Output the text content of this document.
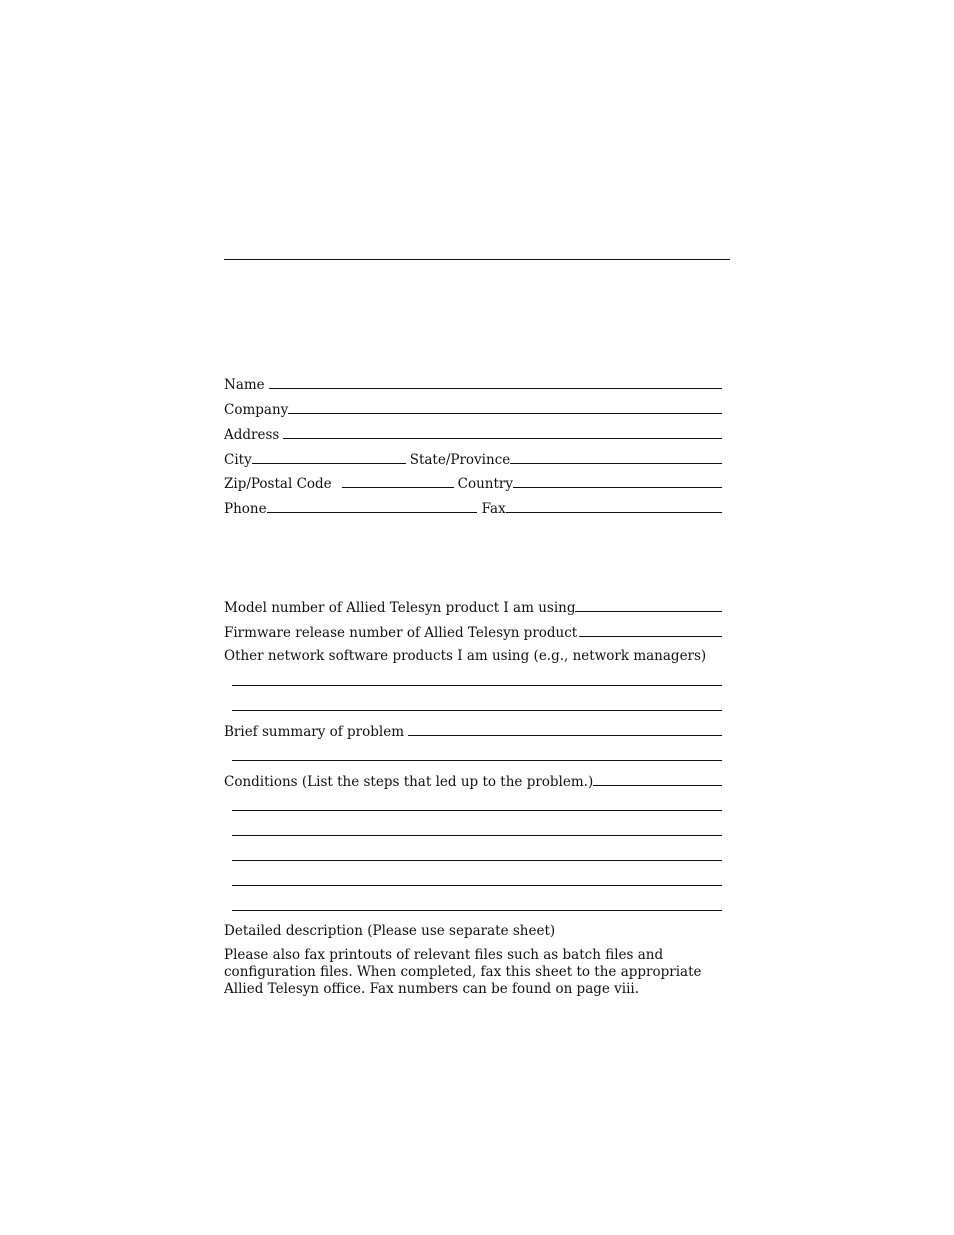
Name
Company
Address
City	State/Province
Zip/Postal Code	Country
Phone	Fax
Model number of Allied Telesyn product I am using
Firmware release number of Allied Telesyn product
Other network software products I am using (e.g., network managers)
Brief summary of problem
Conditions (List the steps that led up to the problem.)
Detailed description (Please use separate sheet)
Please also fax printouts of relevant files such as batch files and configuration files. When completed, fax this sheet to the appropriate Allied Telesyn office. Fax numbers can be found on page viii.
